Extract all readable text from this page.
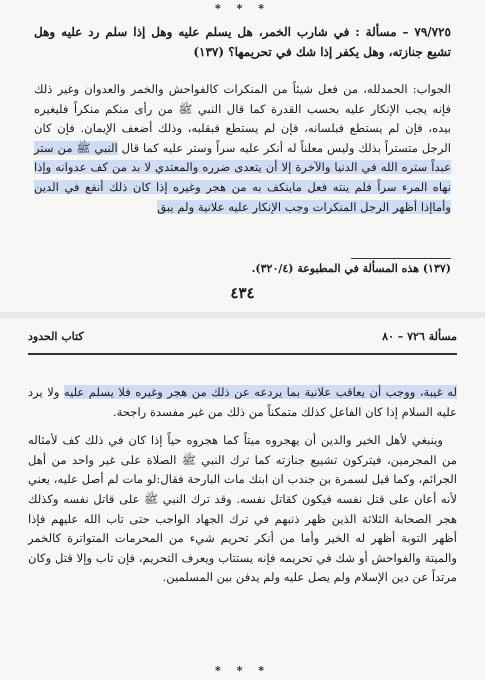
* * *
٧٩/٧٢٥ – مسألة : في شارب الخمر، هل يسلم عليه وهل إذا سلم رد عليه وهل تشيع جنازته، وهل يكفر إذا شك في تحريمها؟ (١٣٧)
الجواب: الحمدلله، من فعل شيئاً من المنكرات كالفواحش والخمر والعدوان وغير ذلك فإنه يجب الإنكار عليه بحسب القدرة كما قال النبي ﷺ من رأى منكم منكراً فليغيره بيده، فإن لم يستطع فبلسانه، فإن لم يستطع فبقلبه، وذلك أضعف الإيمان. فإن كان الرجل متستراً بذلك وليس معلناً له أنكر عليه سراً وستر عليه كما قال النبي ﷺ من ستر عبداً ستره الله في الدنيا والآخرة إلا أن يتعدى ضرره والمعتدي لا بد من كف عدوانه وإذا نهاه المرء سراً فلم ينته فعل ماينكف به من هجر وغيره إذا كان ذلك أنفع في الدين وأماإذا أظهر الرجل المنكرات وجب الإنكار عليه علانية ولم يبق
(١٣٧) هذه المسألة في المطبوعة (٣٢٠/٤).
٤٣٤
كتاب الحدود	مسألة ٧٢٦ – ٨٠

له غيبة، ووجب أن يعاقب علانية بما يردعه عن ذلك من هجر وغيره فلا يسلم عليه ولا يرد عليه السلام إذا كان الفاعل كذلك متمكناً من ذلك من غير مفسدة راجحة.

وينبغي لأهل الخير والدين أن يهجروه ميتاً كما هجروه حياً إذا كان في ذلك كف لأمثاله من المجرمين، فيتركون تشييع جنازته كما ترك النبي ﷺ الصلاة على غير واحد من أهل الجرائم، وكما قيل لسمرة بن جندب ان ابنك مات البارحة فقال:لو مات لم أصل عليه، يعني لأنه أعان على قتل نفسه فيكون كقاتل نفسه. وقد ترك النبي ﷺ على قاتل نفسه وكذلك هجر الصحابة الثلاثة الذين ظهر ذنبهم في ترك الجهاد الواجب حتى تاب الله عليهم فإذا أظهر التوبة أظهر له الخير وأما من أنكر تحريم شيء من المحرمات المتواترة كالخمر والميتة والفواحش أو شك في تحريمه فإنه يستتاب ويعرف التحريم، فإن تاب وإلا قتل وكان مرتداً عن دين الإسلام ولم يصل عليه ولم يدفن بين المسلمين.

* * *
